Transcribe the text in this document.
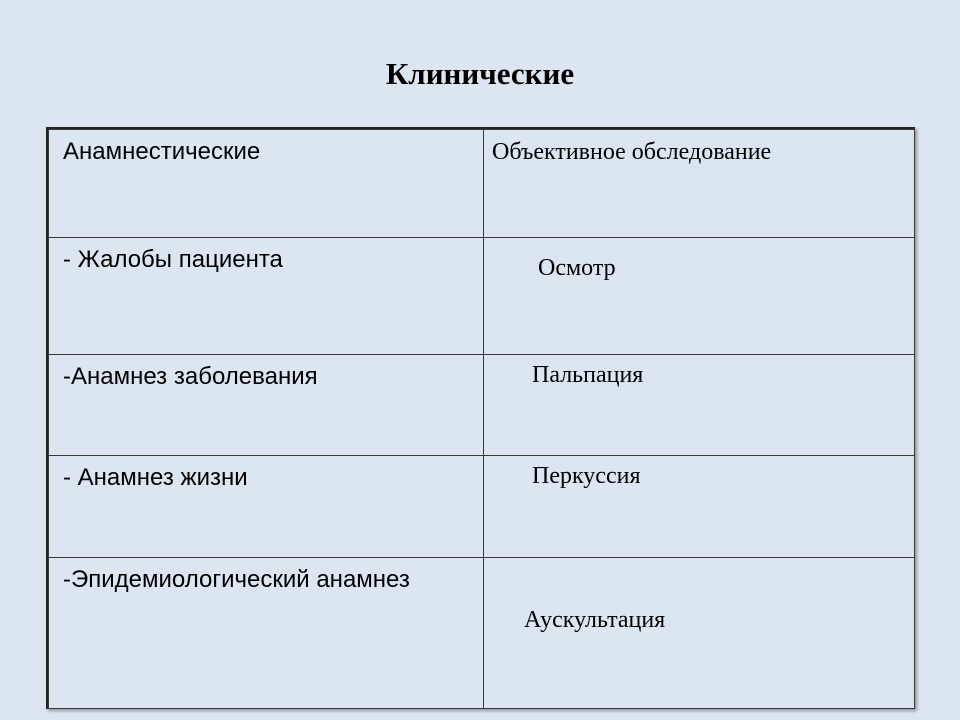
Клинические
Анамнестические	Объективное обследование

- Жалобы пациента	Осмотр

-Анамнез заболевания	Пальпация

- Анамнез жизни	Перкуссия

-Эпидемиологический анамнез	Аускультация
